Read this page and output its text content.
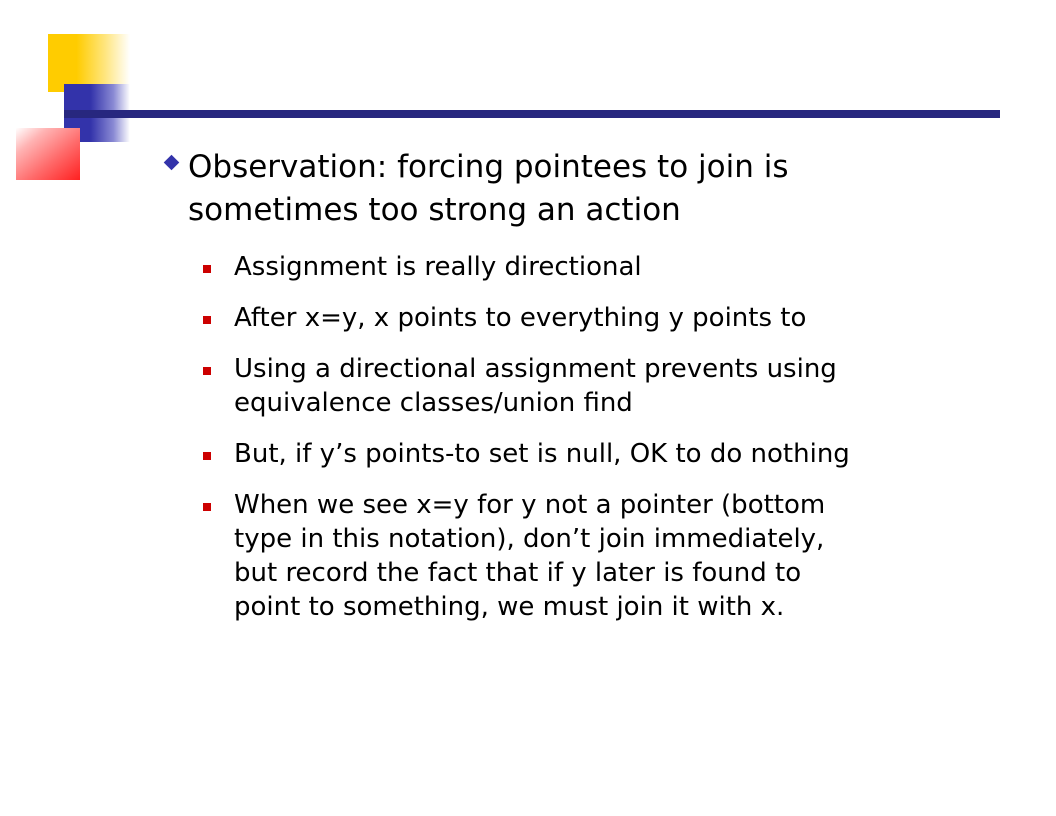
Observation: forcing pointees to join is sometimes too strong an action
Assignment is really directional
After x=y, x points to everything y points to
Using a directional assignment prevents using
equivalence classes/union find
But, if y’s points-to set is null, OK to do nothing
When we see x=y for y not a pointer (bottom
type in this notation), don’t join immediately,
but record the fact that if y later is found to
point to something, we must join it with x.
